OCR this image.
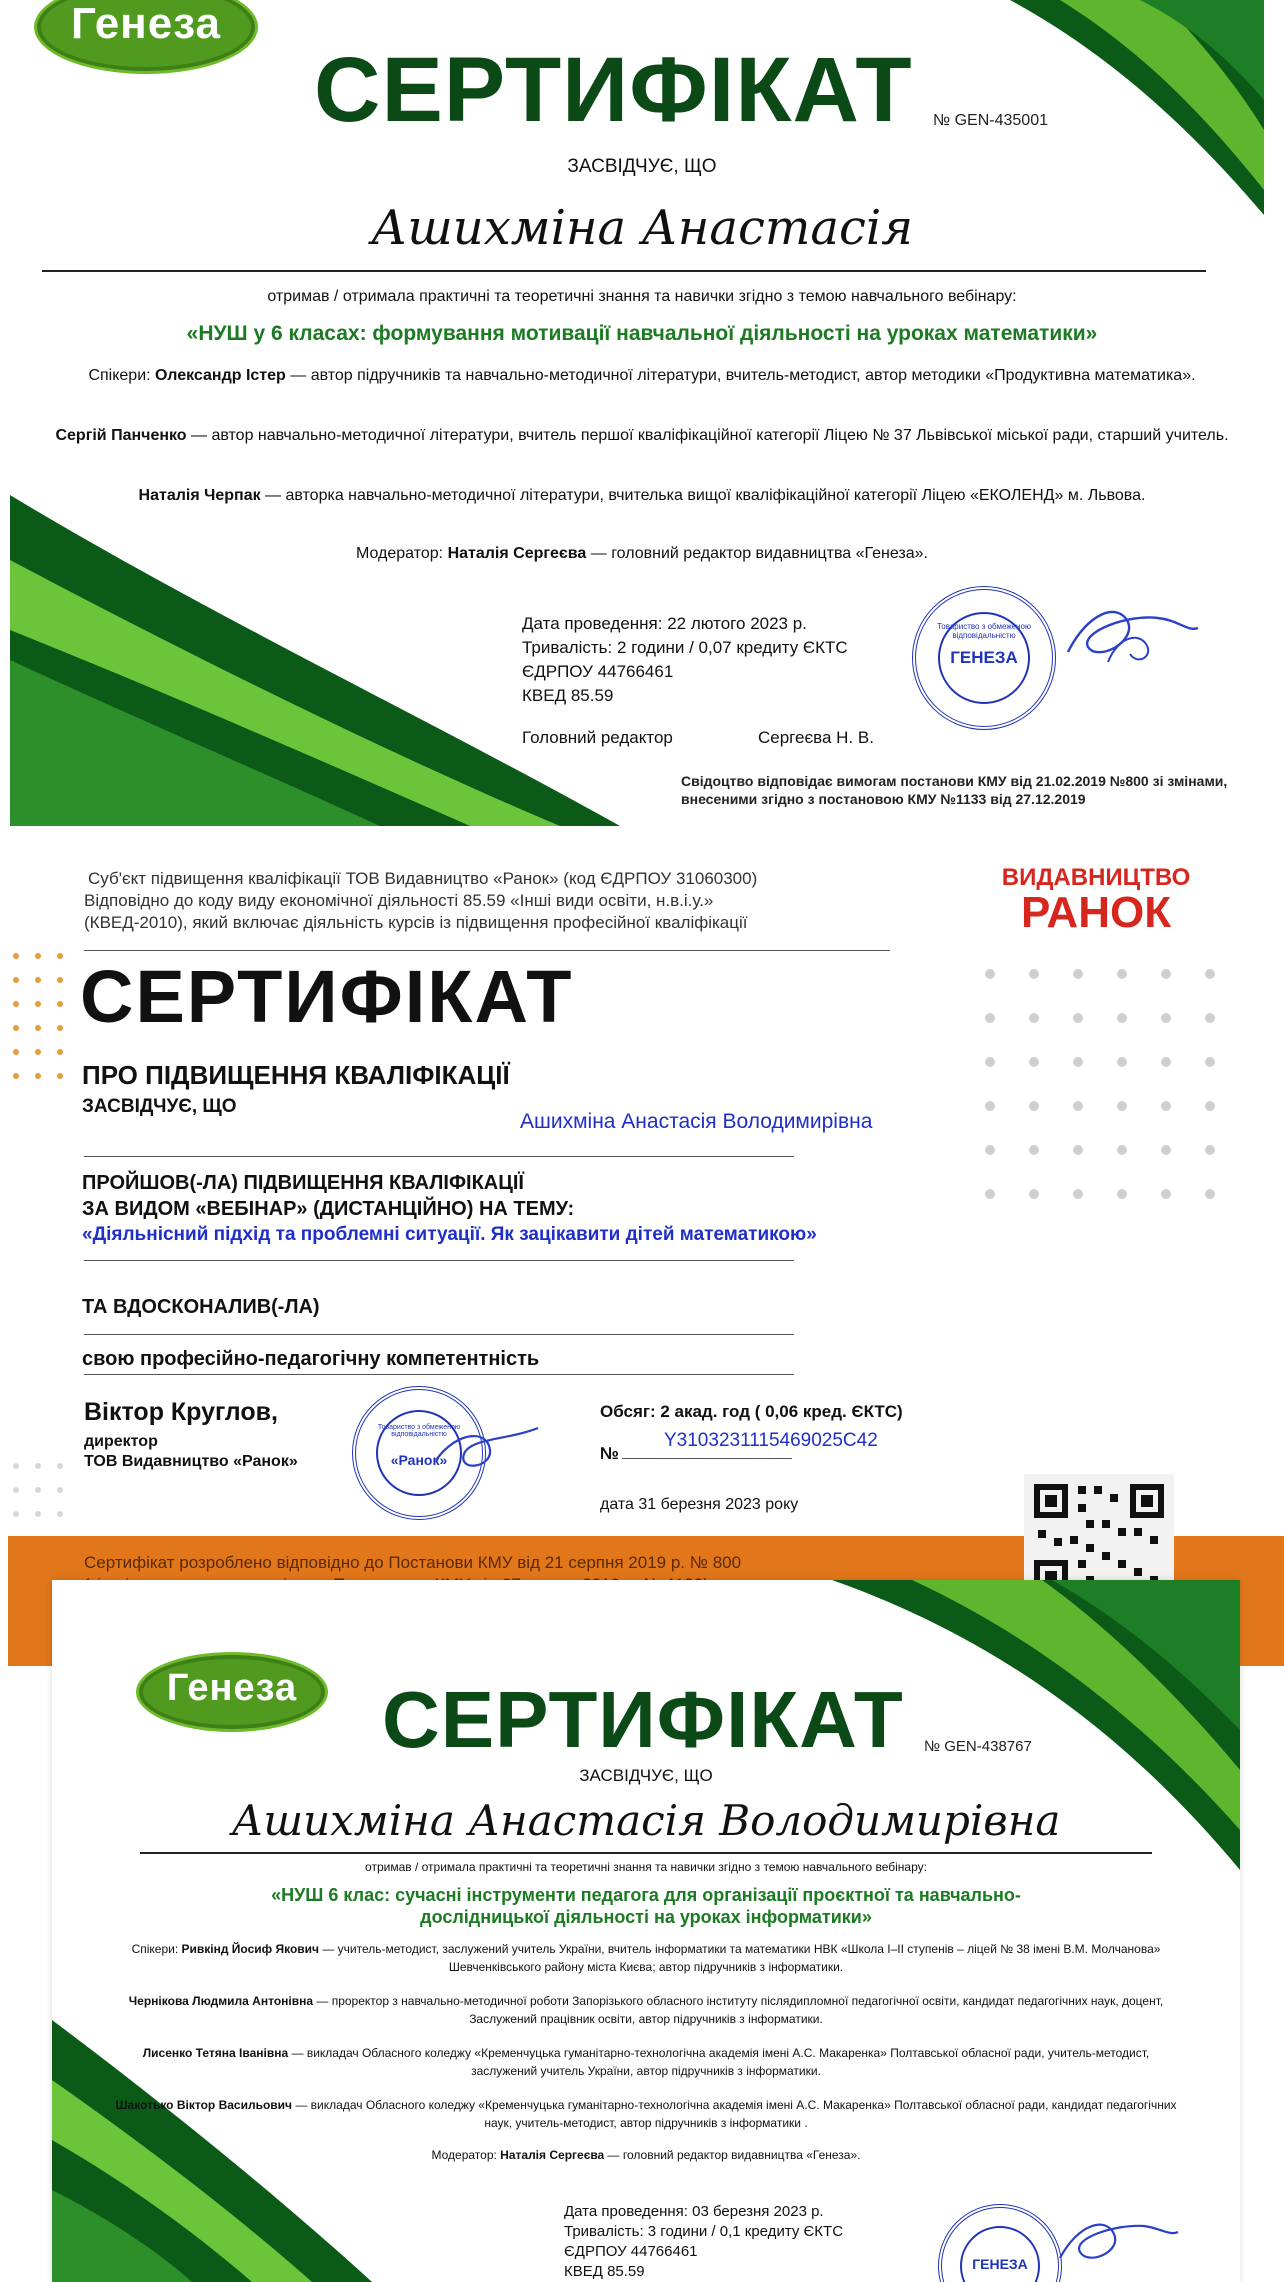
Генеза
СЕРТИФІКАТ № GEN-435001
ЗАСВІДЧУЄ, ЩО
Ашихміна Анастасія
отримав / отримала практичні та теоретичні знання та навички згідно з темою навчального вебінару:
«НУШ у 6 класах: формування мотивації навчальної діяльності на уроках математики»
Спікери: Олександр Істер — автор підручників та навчально-методичної літератури, вчитель-методист, автор методики «Продуктивна математика».
Сергій Панченко — автор навчально-методичної літератури, вчитель першої кваліфікаційної категорії Ліцею № 37 Львівської міської ради, старший учитель.
Наталія Черпак — авторка навчально-методичної літератури, вчителька вищої кваліфікаційної категорії Ліцею «ЕКОЛЕНД» м. Львова.
Модератор: Наталія Сергеєва — головний редактор видавництва «Генеза».
Дата проведення: 22 лютого 2023 р.
Тривалість: 2 години / 0,07 кредиту ЄКТС
ЄДРПОУ 44766461
КВЕД 85.59
Головний редактор	Сергеєва Н. В.
Товариство з обмеженою відповідальністю
ГЕНЕЗА
Свідоцтво відповідає вимогам постанови КМУ від 21.02.2019 №800 зі змінами, внесеними згідно з постановою КМУ №1133 від 27.12.2019
Суб'єкт підвищення кваліфікації ТОВ Видавництво «Ранок» (код ЄДРПОУ 31060300)
Відповідно до коду виду економічної діяльності 85.59 «Інші види освіти, н.в.і.у.»
(КВЕД-2010), який включає діяльність курсів із підвищення професійної кваліфікації
ВИДАВНИЦТВО
РАНОК
СЕРТИФІКАТ
ПРО ПІДВИЩЕННЯ КВАЛІФІКАЦІЇ
ЗАСВІДЧУЄ, ЩО
Ашихміна Анастасія Володимирівна
ПРОЙШОВ(-ЛА) ПІДВИЩЕННЯ КВАЛІФІКАЦІЇ
ЗА ВИДОМ «ВЕБІНАР» (ДИСТАНЦІЙНО) НА ТЕМУ:
«Діяльнісний підхід та проблемні ситуації. Як зацікавити дітей математикою»
ТА ВДОСКОНАЛИВ(-ЛА)
свою професійно-педагогічну компетентність
Віктор Круглов,
директор
ТОВ Видавництво «Ранок»
Товариство з обмеженою відповідальністю
«Ранок»
Обсяг: 2 акад. год ( 0,06 кред. ЄКТС)
№
Y3103231115469025C42
дата 31 березня 2023 року
Сертифікат розроблено відповідно до Постанови КМУ від 21 серпня 2019 р. № 800
Генеза	СЕРТИФІКАТ № GEN-438767
ЗАСВІДЧУЄ, ЩО
Ашихміна Анастасія Володимирівна
отримав / отримала практичні та теоретичні знання та навички згідно з темою навчального вебінару:
«НУШ 6 клас: сучасні інструменти педагога для організації проєктної та навчально-
дослідницької діяльності на уроках інформатики»
Спікери: Ривкінд Йосиф Якович — учитель-методист, заслужений учитель України, вчитель інформатики та математики НВК «Школа I–II ступенів – ліцей № 38 імені В.М. Молчанова» Шевченківського району міста Києва; автор підручників з інформатики.
Чернікова Людмила Антонівна — проректор з навчально-методичної роботи Запорізького обласного інституту післядипломної педагогічної освіти, кандидат педагогічних наук, доцент, Заслужений працівник освіти, автор підручників з інформатики.
Лисенко Тетяна Іванівна — викладач Обласного коледжу «Кременчуцька гуманітарно-технологічна академія імені А.С. Макаренка» Полтавської обласної ради, учитель-методист, заслужений учитель України, автор підручників з інформатики.
Шакотько Віктор Васильович — викладач Обласного коледжу «Кременчуцька гуманітарно-технологічна академія імені А.С. Макаренка» Полтавської обласної ради, кандидат педагогічних наук, учитель-методист, автор підручників з інформатики .
Модератор: Наталія Сергеєва — головний редактор видавництва «Генеза».
Дата проведення: 03 березня 2023 р.
Тривалість: 3 години / 0,1 кредиту ЄКТС
ЄДРПОУ 44766461
КВЕД 85.59	ГЕНЕЗА
